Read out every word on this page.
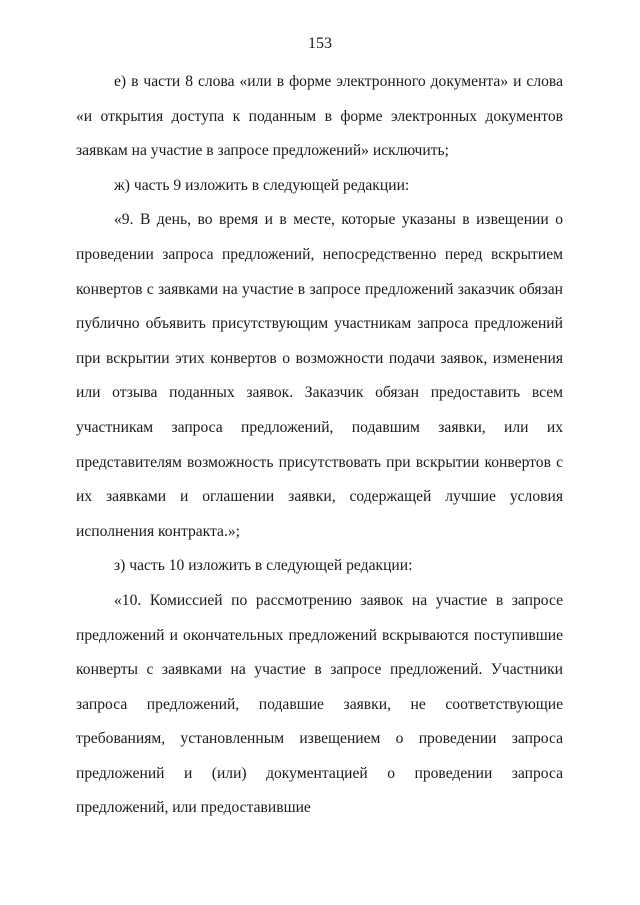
153

е) в части 8 слова «или в форме электронного документа» и слова «и открытия доступа к поданным в форме электронных документов заявкам на участие в запросе предложений» исключить;

ж) часть 9 изложить в следующей редакции:

«9. В день, во время и в месте, которые указаны в извещении о проведении запроса предложений, непосредственно перед вскрытием конвертов с заявками на участие в запросе предложений заказчик обязан публично объявить присутствующим участникам запроса предложений при вскрытии этих конвертов о возможности подачи заявок, изменения или отзыва поданных заявок. Заказчик обязан предоставить всем участникам запроса предложений, подавшим заявки, или их представителям возможность присутствовать при вскрытии конвертов с их заявками и оглашении заявки, содержащей лучшие условия исполнения контракта.»;

з) часть 10 изложить в следующей редакции:

«10. Комиссией по рассмотрению заявок на участие в запросе предложений и окончательных предложений вскрываются поступившие конверты с заявками на участие в запросе предложений. Участники запроса предложений, подавшие заявки, не соответствующие требованиям, установленным извещением о проведении запроса предложений и (или) документацией о проведении запроса предложений, или предоставившие
